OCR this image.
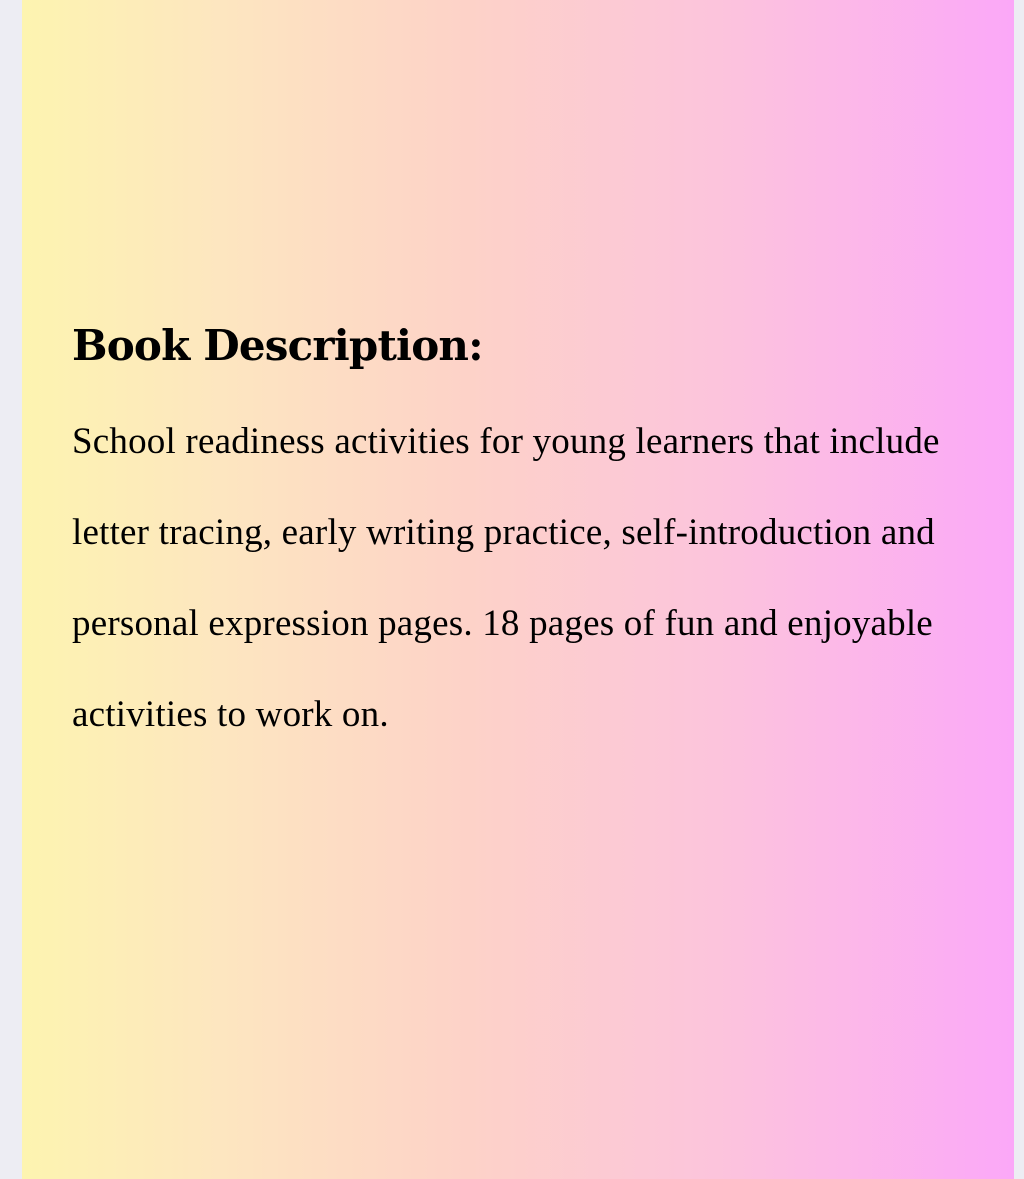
Book Description:

School readiness activities for young learners that include letter tracing, early writing practice, self-introduction and personal expression pages. 18 pages of fun and enjoyable activities to work on.
